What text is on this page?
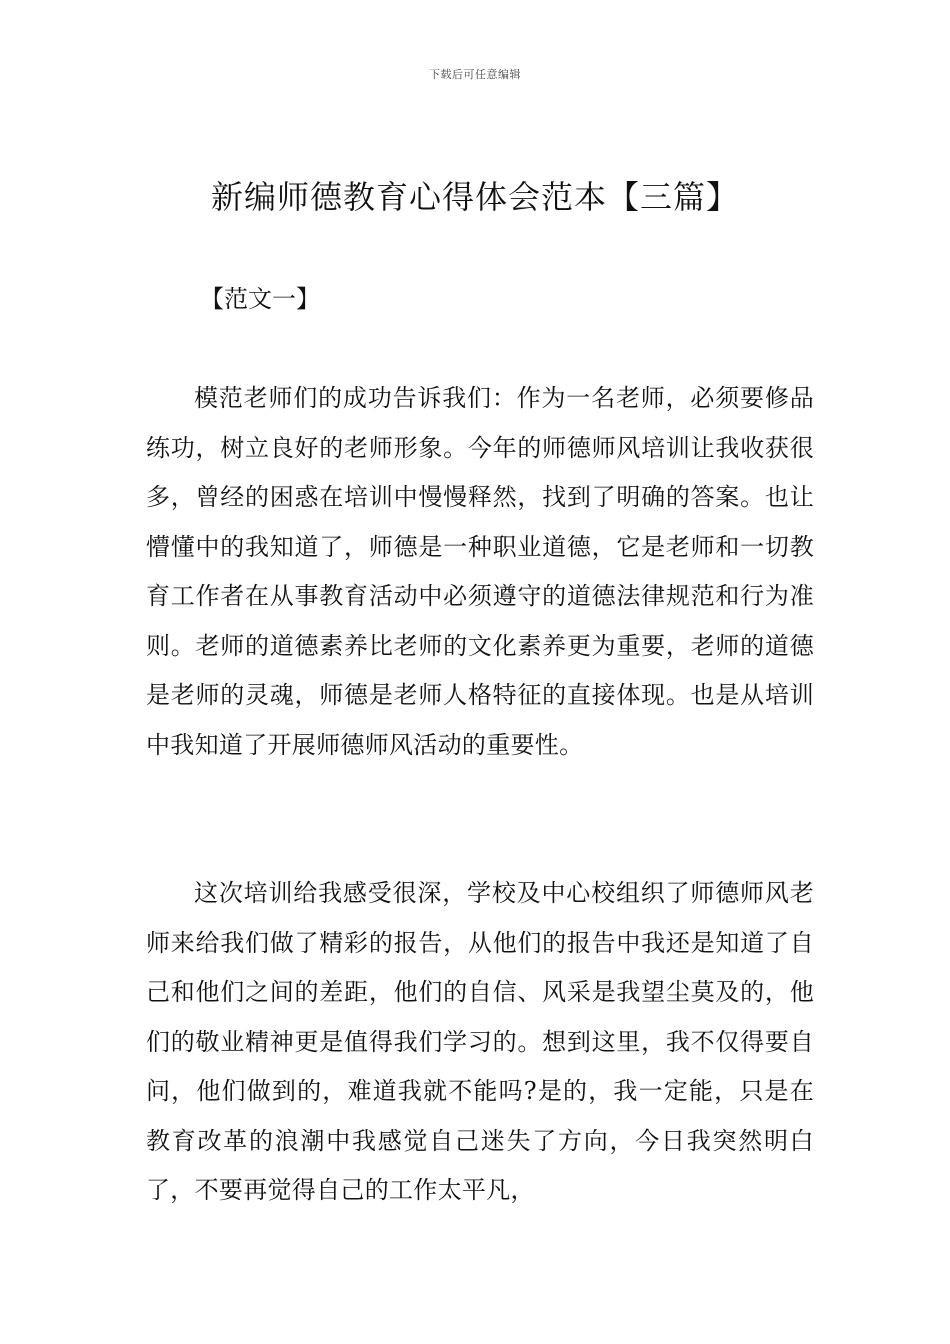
下载后可任意编辑
新编师德教育心得体会范本【三篇】
【范文一】

模范老师们的成功告诉我们：作为一名老师，必须要修品练功，树立良好的老师形象。今年的师德师风培训让我收获很多，曾经的困惑在培训中慢慢释然，找到了明确的答案。也让懵懂中的我知道了，师德是一种职业道德，它是老师和一切教育工作者在从事教育活动中必须遵守的道德法律规范和行为准则。老师的道德素养比老师的文化素养更为重要，老师的道德是老师的灵魂，师德是老师人格特征的直接体现。也是从培训中我知道了开展师德师风活动的重要性。

这次培训给我感受很深，学校及中心校组织了师德师风老师来给我们做了精彩的报告，从他们的报告中我还是知道了自己和他们之间的差距，他们的自信、风采是我望尘莫及的，他们的敬业精神更是值得我们学习的。想到这里，我不仅得要自问，他们做到的，难道我就不能吗?是的，我一定能，只是在教育改革的浪潮中我感觉自己迷失了方向，今日我突然明白了，不要再觉得自己的工作太平凡，
